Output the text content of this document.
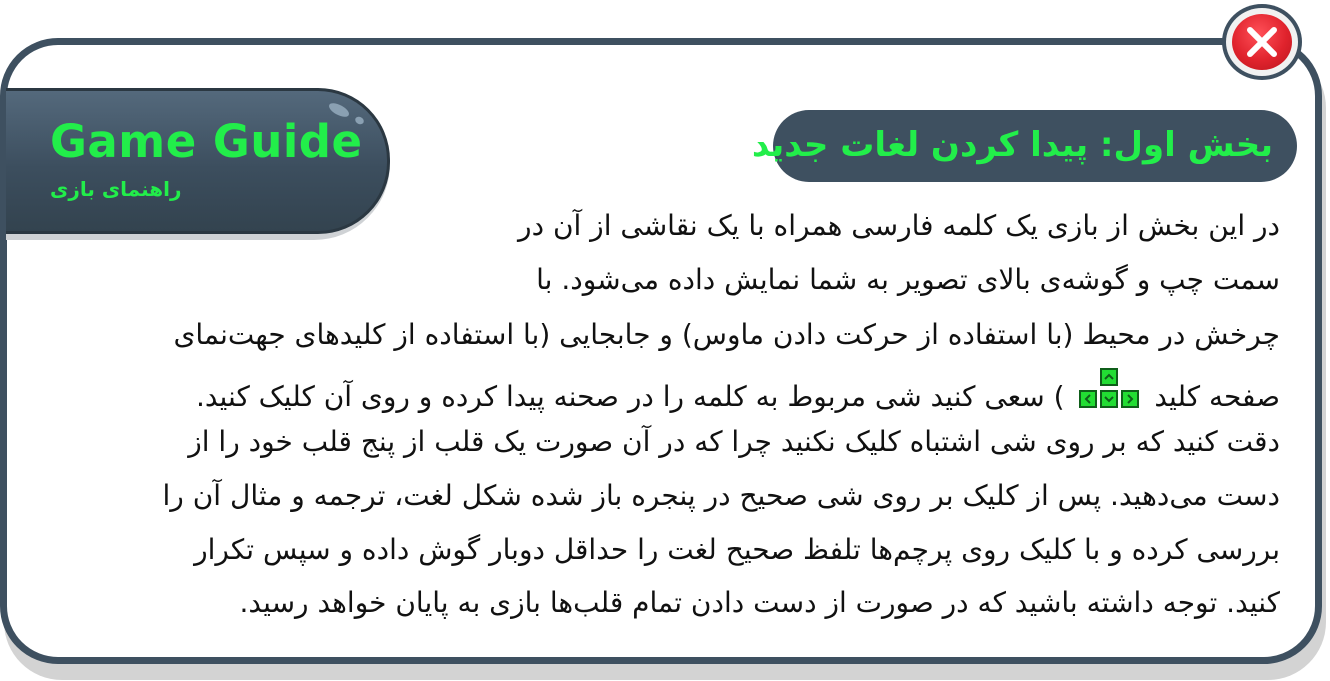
Game Guide
راهنمای بازی
بخش اول: پیدا کردن لغات جدید
در این بخش از بازی یک کلمه فارسی همراه با یک نقاشی از آن در
سمت چپ و گوشه‌ی بالای تصویر به شما نمایش داده می‌شود. با
چرخش در محیط (با استفاده از حرکت دادن ماوس) و جابجایی (با استفاده از کلیدهای جهت‌نمای
صفحه کلید
) سعی کنید شی مربوط به کلمه را در صحنه پیدا کرده و روی آن کلیک کنید.
دقت کنید که بر روی شی اشتباه کلیک نکنید چرا که در آن صورت یک قلب از پنج قلب خود را از
دست می‌دهید. پس از کلیک بر روی شی صحیح در پنجره باز شده شکل لغت، ترجمه و مثال آن را
بررسی کرده و با کلیک روی پرچم‌ها تلفظ صحیح لغت را حداقل دوبار گوش داده و سپس تکرار
کنید. توجه داشته باشید که در صورت از دست دادن تمام قلب‌ها بازی به پایان خواهد رسید.
